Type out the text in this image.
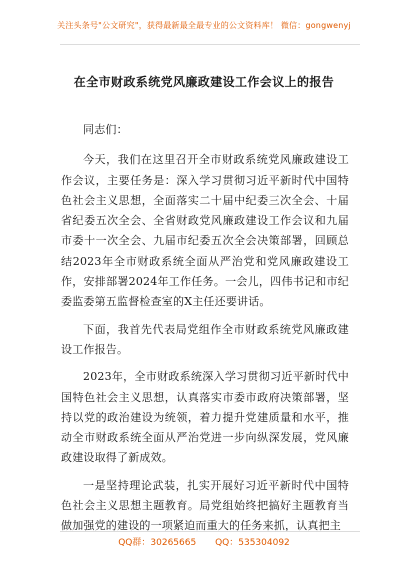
关注头条号"公文研究"，获得最新最全最专业的公文资料库！ 微信：gongwenyj
在全市财政系统党风廉政建设工作会议上的报告

同志们：

今天，我们在这里召开全市财政系统党风廉政建设工作会议，主要任务是：深入学习贯彻习近平新时代中国特色社会主义思想，全面落实二十届中纪委三次全会、十届省纪委五次全会、全省财政党风廉政建设工作会议和九届市委十一次全会、九届市纪委五次全会决策部署，回顾总结2023年全市财政系统全面从严治党和党风廉政建设工作，安排部署2024年工作任务。一会儿，四伟书记和市纪委监委第五监督检查室的X主任还要讲话。

下面，我首先代表局党组作全市财政系统党风廉政建设工作报告。

2023年，全市财政系统深入学习贯彻习近平新时代中国特色社会主义思想，认真落实市委市政府决策部署，坚持以党的政治建设为统领，着力提升党建质量和水平，推动全市财政系统全面从严治党进一步向纵深发展，党风廉政建设取得了新成效。

一是坚持理论武装，扎实开展好习近平新时代中国特色社会主义思想主题教育。局党组始终把搞好主题教育当做加强党的建设的一项紧迫而重大的任务来抓，认真把主

QQ群：30265665 QQ：535304092
